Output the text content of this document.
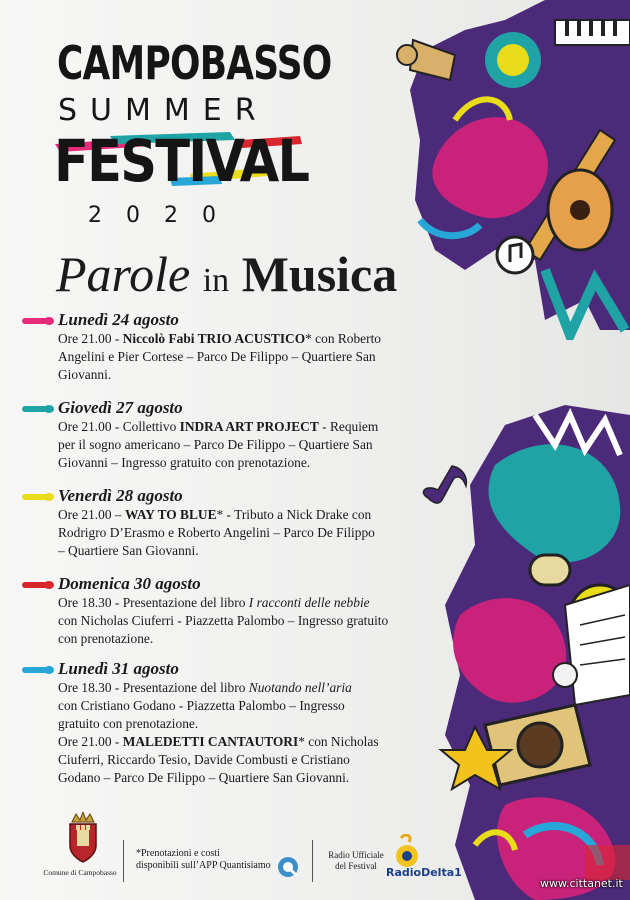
CAMPOBASSO
SUMMER
FESTIVAL
2020
Parole in Musica
Lunedì 24 agosto
Ore 21.00 - Niccolò Fabi TRIO ACUSTICO* con Roberto
Angelini e Pier Cortese – Parco De Filippo – Quartiere San
Giovanni.
Giovedì 27 agosto
Ore 21.00 - Collettivo INDRA ART PROJECT - Requiem
per il sogno americano – Parco De Filippo – Quartiere San
Giovanni – Ingresso gratuito con prenotazione.
Venerdì 28 agosto
Ore 21.00 – WAY TO BLUE* - Tributo a Nick Drake con
Rodrigro D’Erasmo e Roberto Angelini – Parco De Filippo
– Quartiere San Giovanni.
Domenica 30 agosto
Ore 18.30 - Presentazione del libro I racconti delle nebbie
con Nicholas Ciuferri - Piazzetta Palombo – Ingresso gratuito
con prenotazione.
Lunedì 31 agosto
Ore 18.30 - Presentazione del libro Nuotando nell’aria
con Cristiano Godano - Piazzetta Palombo – Ingresso
gratuito con prenotazione.
Ore 21.00 - MALEDETTI CANTAUTORI* con Nicholas
Ciuferri, Riccardo Tesio, Davide Combusti e Cristiano
Godano – Parco De Filippo – Quartiere San Giovanni.
Comune di Campobasso
*Prenotazioni e costi
disponibili sull’APP Quantisiamo
Radio Ufficiale
del Festival RadioDelta1
www.cittanet.it
